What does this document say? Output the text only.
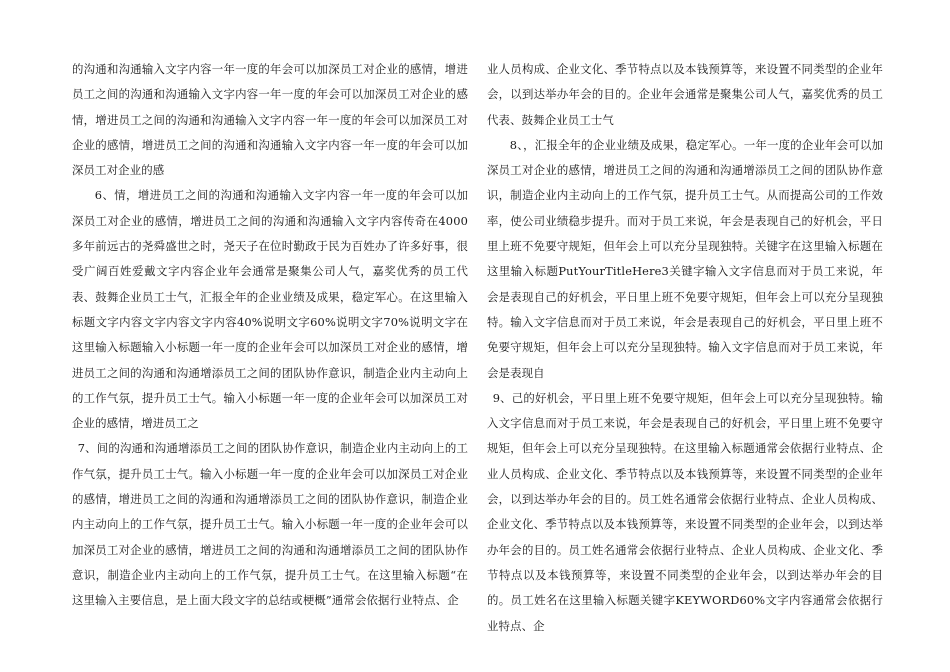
的沟通和沟通输入文字内容一年一度的年会可以加深员工对企业的感情，增进员工之间的沟通和沟通输入文字内容一年一度的年会可以加深员工对企业的感情，增进员工之间的沟通和沟通输入文字内容一年一度的年会可以加深员工对企业的感情，增进员工之间的沟通和沟通输入文字内容一年一度的年会可以加深员工对企业的感

6、情，增进员工之间的沟通和沟通输入文字内容一年一度的年会可以加深员工对企业的感情，增进员工之间的沟通和沟通输入文字内容传奇在4000多年前远古的尧舜盛世之时，尧天子在位时勤政于民为百姓办了许多好事，很受广阔百姓爱戴文字内容企业年会通常是聚集公司人气，嘉奖优秀的员工代表、鼓舞企业员工士气，汇报全年的企业业绩及成果，稳定军心。在这里输入标题文字内容文字内容文字内容40%说明文字60%说明文字70%说明文字在这里输入标题输入小标题一年一度的企业年会可以加深员工对企业的感情，增进员工之间的沟通和沟通增添员工之间的团队协作意识，制造企业内主动向上的工作气氛，提升员工士气。输入小标题一年一度的企业年会可以加深员工对企业的感情，增进员工之

7、间的沟通和沟通增添员工之间的团队协作意识，制造企业内主动向上的工作气氛，提升员工士气。输入小标题一年一度的企业年会可以加深员工对企业的感情，增进员工之间的沟通和沟通增添员工之间的团队协作意识，制造企业内主动向上的工作气氛，提升员工士气。输入小标题一年一度的企业年会可以加深员工对企业的感情，增进员工之间的沟通和沟通增添员工之间的团队协作意识，制造企业内主动向上的工作气氛，提升员工士气。在这里输入标题“在这里输入主要信息，是上面大段文字的总结或梗概”通常会依据行业特点、企

业人员构成、企业文化、季节特点以及本钱预算等，来设置不同类型的企业年会，以到达举办年会的目的。企业年会通常是聚集公司人气，嘉奖优秀的员工代表、鼓舞企业员工士气

8、，汇报全年的企业业绩及成果，稳定军心。一年一度的企业年会可以加深员工对企业的感情，增进员工之间的沟通和沟通增添员工之间的团队协作意识，制造企业内主动向上的工作气氛，提升员工士气。从而提高公司的工作效率，使公司业绩稳步提升。而对于员工来说，年会是表现自己的好机会，平日里上班不免要守规矩，但年会上可以充分呈现独特。关键字在这里输入标题在这里输入标题PutYourTitleHere3关键字输入文字信息而对于员工来说，年会是表现自己的好机会，平日里上班不免要守规矩，但年会上可以充分呈现独特。输入文字信息而对于员工来说，年会是表现自己的好机会，平日里上班不免要守规矩，但年会上可以充分呈现独特。输入文字信息而对于员工来说，年会是表现自

9、己的好机会，平日里上班不免要守规矩，但年会上可以充分呈现独特。输入文字信息而对于员工来说，年会是表现自己的好机会，平日里上班不免要守规矩，但年会上可以充分呈现独特。在这里输入标题通常会依据行业特点、企业人员构成、企业文化、季节特点以及本钱预算等，来设置不同类型的企业年会，以到达举办年会的目的。员工姓名通常会依据行业特点、企业人员构成、企业文化、季节特点以及本钱预算等，来设置不同类型的企业年会，以到达举办年会的目的。员工姓名通常会依据行业特点、企业人员构成、企业文化、季节特点以及本钱预算等，来设置不同类型的企业年会，以到达举办年会的目的。员工姓名在这里输入标题关键字KEYWORD60%文字内容通常会依据行业特点、企
